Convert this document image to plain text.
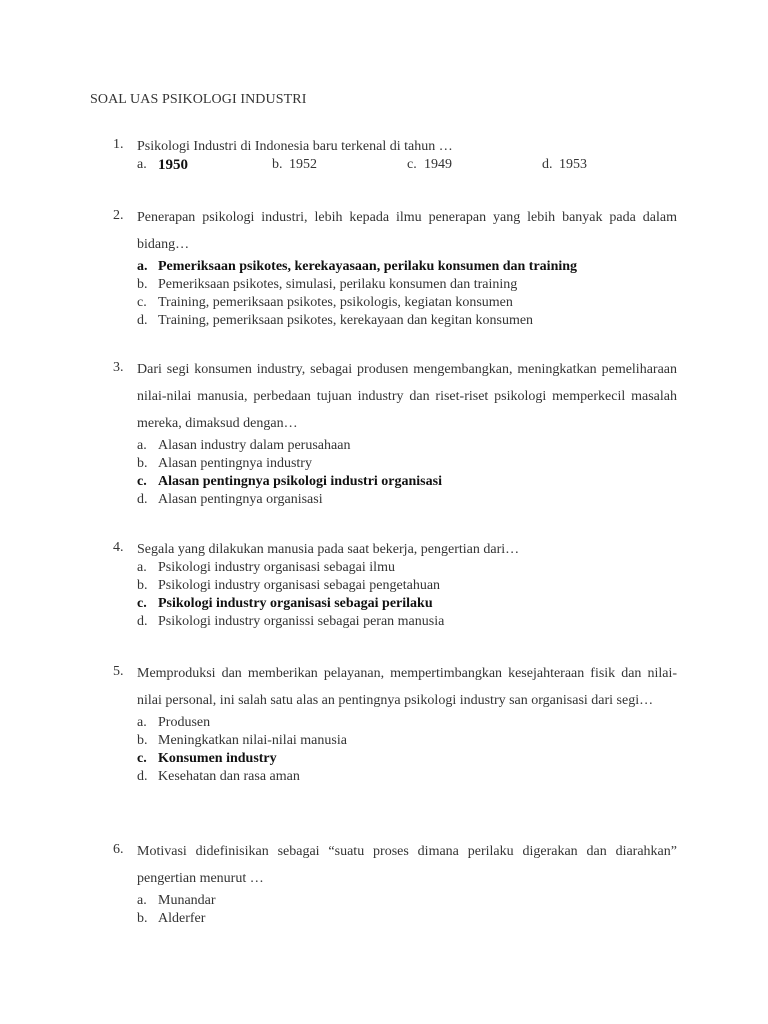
SOAL UAS PSIKOLOGI INDUSTRI
1. Psikologi Industri di Indonesia baru terkenal di tahun …
a. 1950	b. 1952	c. 1949	d. 1953
2. Penerapan psikologi industri, lebih kepada ilmu penerapan yang lebih banyak pada dalam bidang…
a. Pemeriksaan psikotes, kerekayasaan, perilaku konsumen dan training
b. Pemeriksaan psikotes, simulasi, perilaku konsumen dan training
c. Training, pemeriksaan psikotes, psikologis, kegiatan konsumen
d. Training, pemeriksaan psikotes, kerekayaan dan kegitan konsumen
3. Dari segi konsumen industry, sebagai produsen mengembangkan, meningkatkan pemeliharaan nilai-nilai manusia, perbedaan tujuan industry dan riset-riset psikologi memperkecil masalah mereka, dimaksud dengan…
a. Alasan industry dalam perusahaan
b. Alasan pentingnya industry
c. Alasan pentingnya psikologi industri organisasi
d. Alasan pentingnya organisasi
4. Segala yang dilakukan manusia pada saat bekerja, pengertian dari…
a. Psikologi industry organisasi sebagai ilmu
b. Psikologi industry organisasi sebagai pengetahuan
c. Psikologi industry organisasi sebagai perilaku
d. Psikologi industry organissi sebagai peran manusia
5. Memproduksi dan memberikan pelayanan, mempertimbangkan kesejahteraan fisik dan nilai-nilai personal, ini salah satu alas an pentingnya psikologi industry san organisasi dari segi…
a. Produsen
b. Meningkatkan nilai-nilai manusia
c. Konsumen industry
d. Kesehatan dan rasa aman
6. Motivasi didefinisikan sebagai “suatu proses dimana perilaku digerakan dan diarahkan” pengertian menurut …
a. Munandar
b. Alderfer
